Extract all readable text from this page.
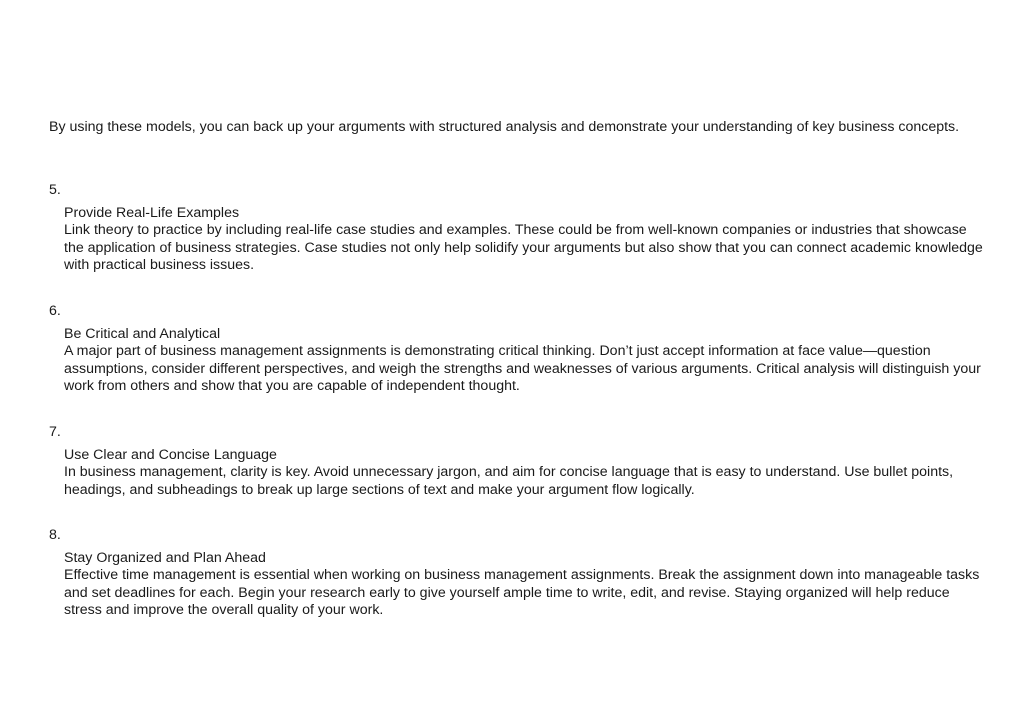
By using these models, you can back up your arguments with structured analysis and demonstrate your understanding of key business concepts.

5.

Provide Real-Life Examples

Link theory to practice by including real-life case studies and examples. These could be from well-known companies or industries that showcase the application of business strategies. Case studies not only help solidify your arguments but also show that you can connect academic knowledge with practical business issues.

6.

Be Critical and Analytical

A major part of business management assignments is demonstrating critical thinking. Don’t just accept information at face value—question assumptions, consider different perspectives, and weigh the strengths and weaknesses of various arguments. Critical analysis will distinguish your work from others and show that you are capable of independent thought.

7.

Use Clear and Concise Language

In business management, clarity is key. Avoid unnecessary jargon, and aim for concise language that is easy to understand. Use bullet points, headings, and subheadings to break up large sections of text and make your argument flow logically.

8.

Stay Organized and Plan Ahead

Effective time management is essential when working on business management assignments. Break the assignment down into manageable tasks and set deadlines for each. Begin your research early to give yourself ample time to write, edit, and revise. Staying organized will help reduce stress and improve the overall quality of your work.
